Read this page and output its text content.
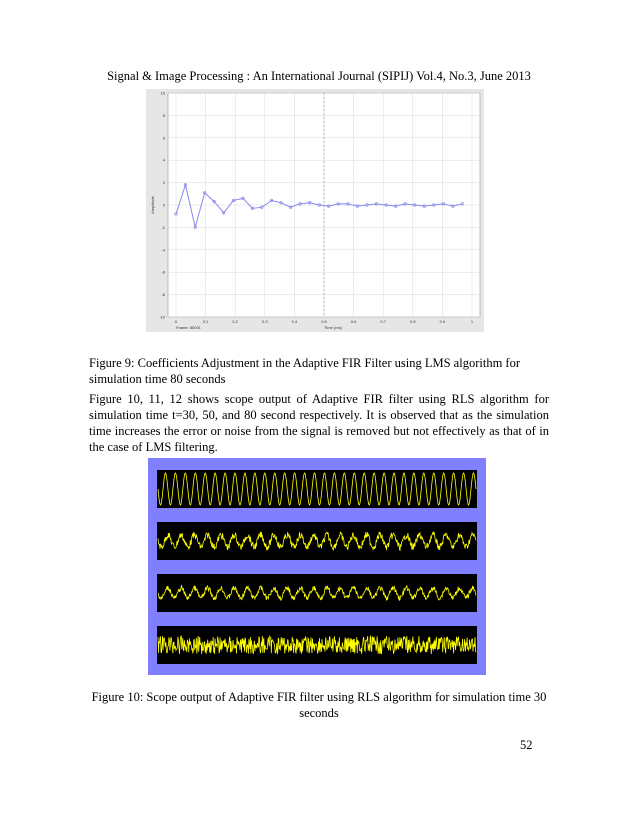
Signal & Image Processing : An International Journal (SIPIJ) Vol.4, No.3, June 2013
10
8
6
4
2
0
-2
-4
-6
-8
-10
0	0.1	0.2	0.3	0.4	0.5	0.6	0.7	0.8	0.9	1
Amplitude
Time (ms)
Frame: 80001
Figure 9: Coefficients Adjustment in the Adaptive FIR Filter using LMS algorithm for simulation time 80 seconds
Figure 10, 11, 12 shows scope output of Adaptive FIR filter using RLS algorithm for simulation time t=30, 50, and 80 second respectively. It is observed that as the simulation time increases the error or noise from the signal is removed but not effectively as that of in the case of LMS filtering.
Figure 10: Scope output of Adaptive FIR filter using RLS algorithm for simulation time 30 seconds
52
